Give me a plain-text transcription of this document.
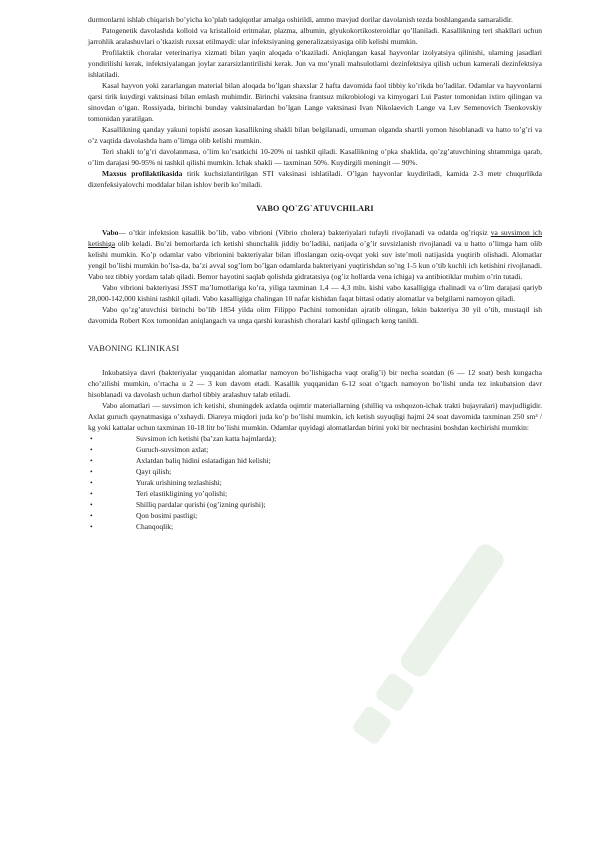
durmonlarni ishlab chiqarish bo’yicha ko’plab tadqiqotlar amalga oshirildi, ammo mavjud dorilar davolanish tezda boshlanganda samaralidir.

Patogenetik davolashda kolloid va kristalloid eritmalar, plazma, albumin, glyukokortikosteroidlar qo’llaniladi. Kasallikning teri shakllari uchun jarrohlik aralashuvlari o’tkazish ruxsat etilmaydi: ular infektsiyaning generalizatsiyasiga olib kelishi mumkin.

Profilaktik choralar veterinariya xizmati bilan yaqin aloqada o’tkaziladi. Aniqlangan kasal hayvonlar izolyatsiya qilinishi, ularning jasadlari yondirilishi kerak, infektsiyalangan joylar zararsizlantirilishi kerak. Jun va mo’ynali mahsulotlarni dezinfektsiya qilish uchun kamerali dezinfektsiya ishlatiladi.

Kasal hayvon yoki zararlangan material bilan aloqada bo’lgan shaxslar 2 hafta davomida faol tibbiy ko’rikda bo’ladilar. Odamlar va hayvonlarni qarsi tirik kuydirgi vaktsinasi bilan emlash muhimdir. Birinchi vaktsina frantsuz mikrobiologi va kimyogari Lui Paster tomonidan ixtiro qilingan va sinovdan o’tgan. Rossiyada, birinchi bunday vaktsinalardan bo’lgan Lange vaktsinasi Ivan Nikolaevich Lange va Lev Semenovich Tsenkovskiy tomonidan yaratilgan.

Kasallikning qanday yakuni topishi asosan kasallikning shakli bilan belgilanadi, umuman olganda shartli yomon hisoblanadi va hatto to’g’ri va o’z vaqtida davolashda ham o’limga olib kelishi mumkin.

Teri shakli to’g’ri davolanmasa, o’lim ko’rsatkichi 10-20% ni tashkil qiladi. Kasallikning o’pka shaklida, qo’zg’atuvchining shtammiga qarab, o’lim darajasi 90-95% ni tashkil qilishi mumkin. Ichak shakli — taxminan 50%. Kuydirgili meningit — 90%.

Maxsus profilaktikasida tirik kuchsizlantirilgan STI vaksinasi ishlatiladi. O’lgan hayvonlar kuydiriladi, kamida 2-3 metr chuqurlikda dizenfeksiyalovchi moddalar bilan ishlov berib ko’miladi.

VABO QO`ZG`ATUVCHILARI

Vabo— o’tkir infektsion kasallik bo’lib, vabo vibrioni (Vibrio cholera) bakteriyalari tufayli rivojlanadi va odatda og’riqsiz va suvsimon ich ketishiga olib keladi. Bu’zi bemorlarda ich ketishi shunchalik jiddiy bo’ladiki, natijada o’g’ir suvsizlanish rivojlanadi va u hatto o’limga ham olib kelishi mumkin. Ko’p odamlar vabo vibrionini bakteriyalar bilan ifloslangan oziq-ovqat yoki suv iste’moli natijasida yuqtirib olishadi. Alomatlar yengil bo’lishi mumkin bo’lsa-da, ba’zi avval sog’lom bo’lgan odamlarda bakteriyani yuqtirishdan so’ng 1-5 kun o’tib kuchli ich ketishini rivojlanadi. Vabo tez tibbiy yordam talab qiladi. Bemor hayotini saqlab qolishda gidratatsiya (og’iz hollarda vena ichiga) va antibiotiklar muhim o’rin tutadi.

Vabo vibrioni bakteriyasi JSST ma’lumotlariga ko’ra, yiliga taxminan 1,4 — 4,3 mln. kishi vabo kasalligiga chalinadi va o’lim darajasi qariyb 28,000-142,000 kishini tashkil qiladi. Vabo kasalligiga chalingan 10 nafar kishidan faqat bittasi odatiy alomatlar va belgilarni namoyon qiladi.

Vabo qo’zg’atuvchisi birinchi bo’lib 1854 yilda olim Filippo Pachini tomonidan ajratib olingan, lekin bakteriya 30 yil o’tib, mustaqil ish davomida Robert Kox tomonidan aniqlangach va unga qarshi kurashish choralari kashf qilingach keng tanildi.

VABONING KLINIKASI

Inkubatsiya davri (bakteriyalar yuqqanidan alomatlar namoyon bo’lishigacha vaqt oralig’i) bir necha soatdan (6 — 12 soat) besh kungacha cho’zilishi mumkin, o’rtacha u 2 — 3 kun davom etadi. Kasallik yuqqanidan 6-12 soat o’tgach namoyon bo’lishi unda tez inkubatsion davr hisoblanadi va davolash uchun darhol tibbiy aralashuv talab etiladi.

Vabo alomatlari — suvsimon ich ketishi, shuningdek axlatda oqimtir materiallarning (shilliq va oshqozon-ichak trakti hujayralari) mavjudligidir. Axlat guruch qaynatmasiga o’xshaydi. Diareya miqdori juda ko’p bo’lishi mumkin, ich ketish suyuqligi hajmi 24 soat davomida taxminan 250 sm³ / kg yoki kattalar uchun taxminan 10-18 litr bo’lishi mumkin. Odamlar quyidagi alomatlardan birini yoki bir nechtasini boshdan kechirishi mumkin:

•	Suvsimon ich ketishi (ba’zan katta hajmlarda);
•	Guruch-suvsimon axlat;
•	Axlatdan baliq hidini eslatadigan hid kelishi;
•	Qayt qilish;
•	Yurak urishining tezlashishi;
•	Teri elastikligining yo’qolishi;
•	Shilliq pardalar qurishi (og’izning qurishi);
•	Qon bosimi pastligi;
•	Chanqoqlik;
